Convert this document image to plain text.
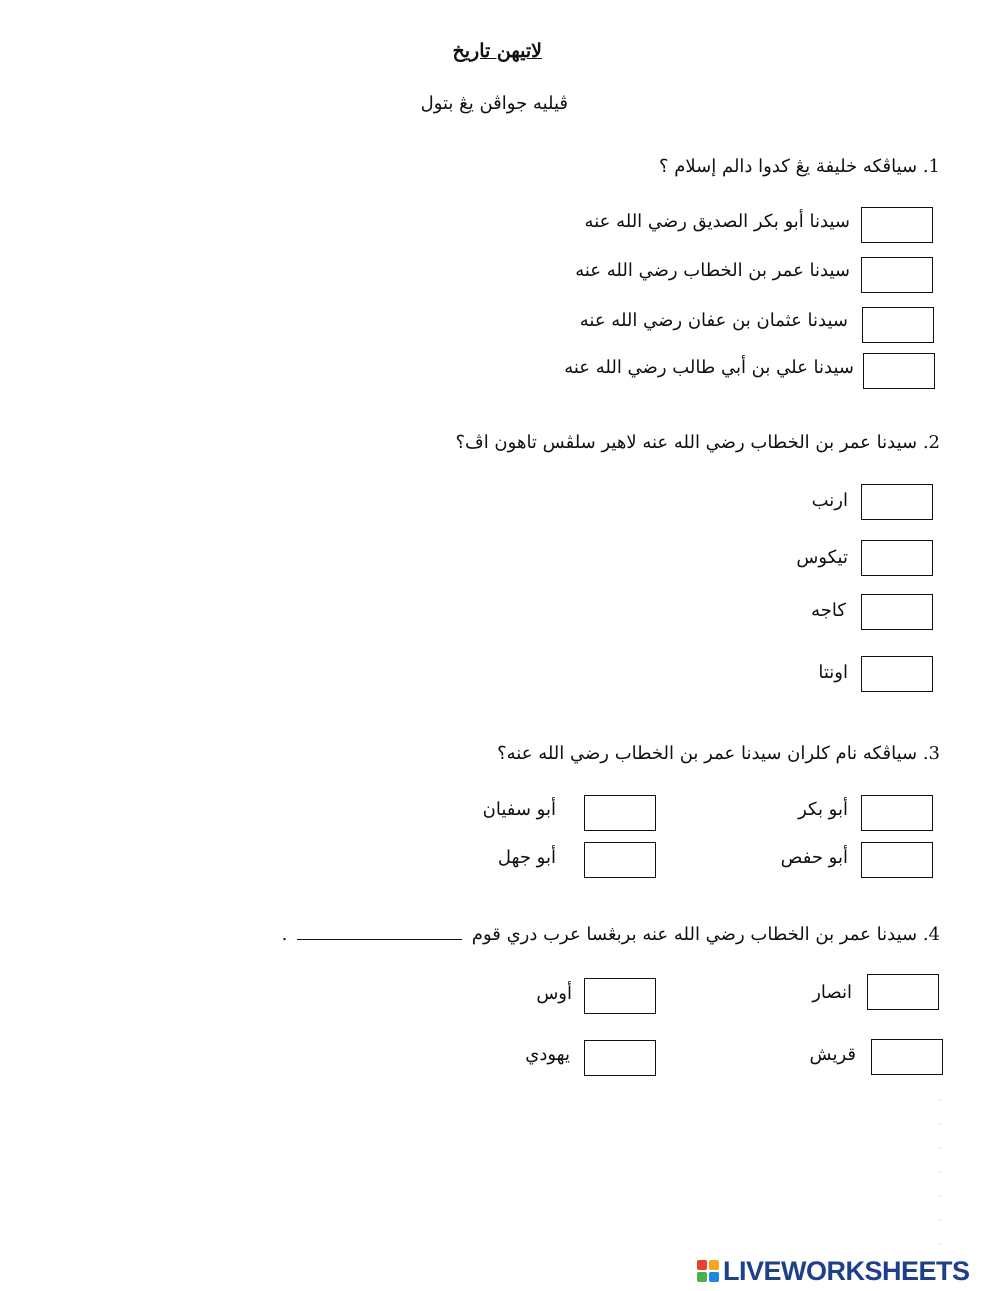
لاتيهن تاريخ
ڤيليه جواڤن يڠ بتول
1. سياڤكه خليفة يڠ كدوا دالم إسلام ؟
سيدنا أبو بكر الصديق رضي الله عنه
سيدنا عمر بن الخطاب رضي الله عنه
سيدنا عثمان بن عفان رضي الله عنه
سيدنا علي بن أبي طالب رضي الله عنه
2. سيدنا عمر بن الخطاب رضي الله عنه لاهير سلڤس تاهون اڤ؟
ارنب
تيكوس
كاجه
اونتا
3. سياڤكه نام كلران سيدنا عمر بن الخطاب رضي الله عنه؟
أبو بكر
أبو سفيان
أبو حفص
أبو جهل
4. سيدنا عمر بن الخطاب رضي الله عنه بربڠسا عرب دري قوم  .
انصار
أوس
قريش
يهودي
·
·
·
·
·
·
·
LIVEWORKSHEETS
